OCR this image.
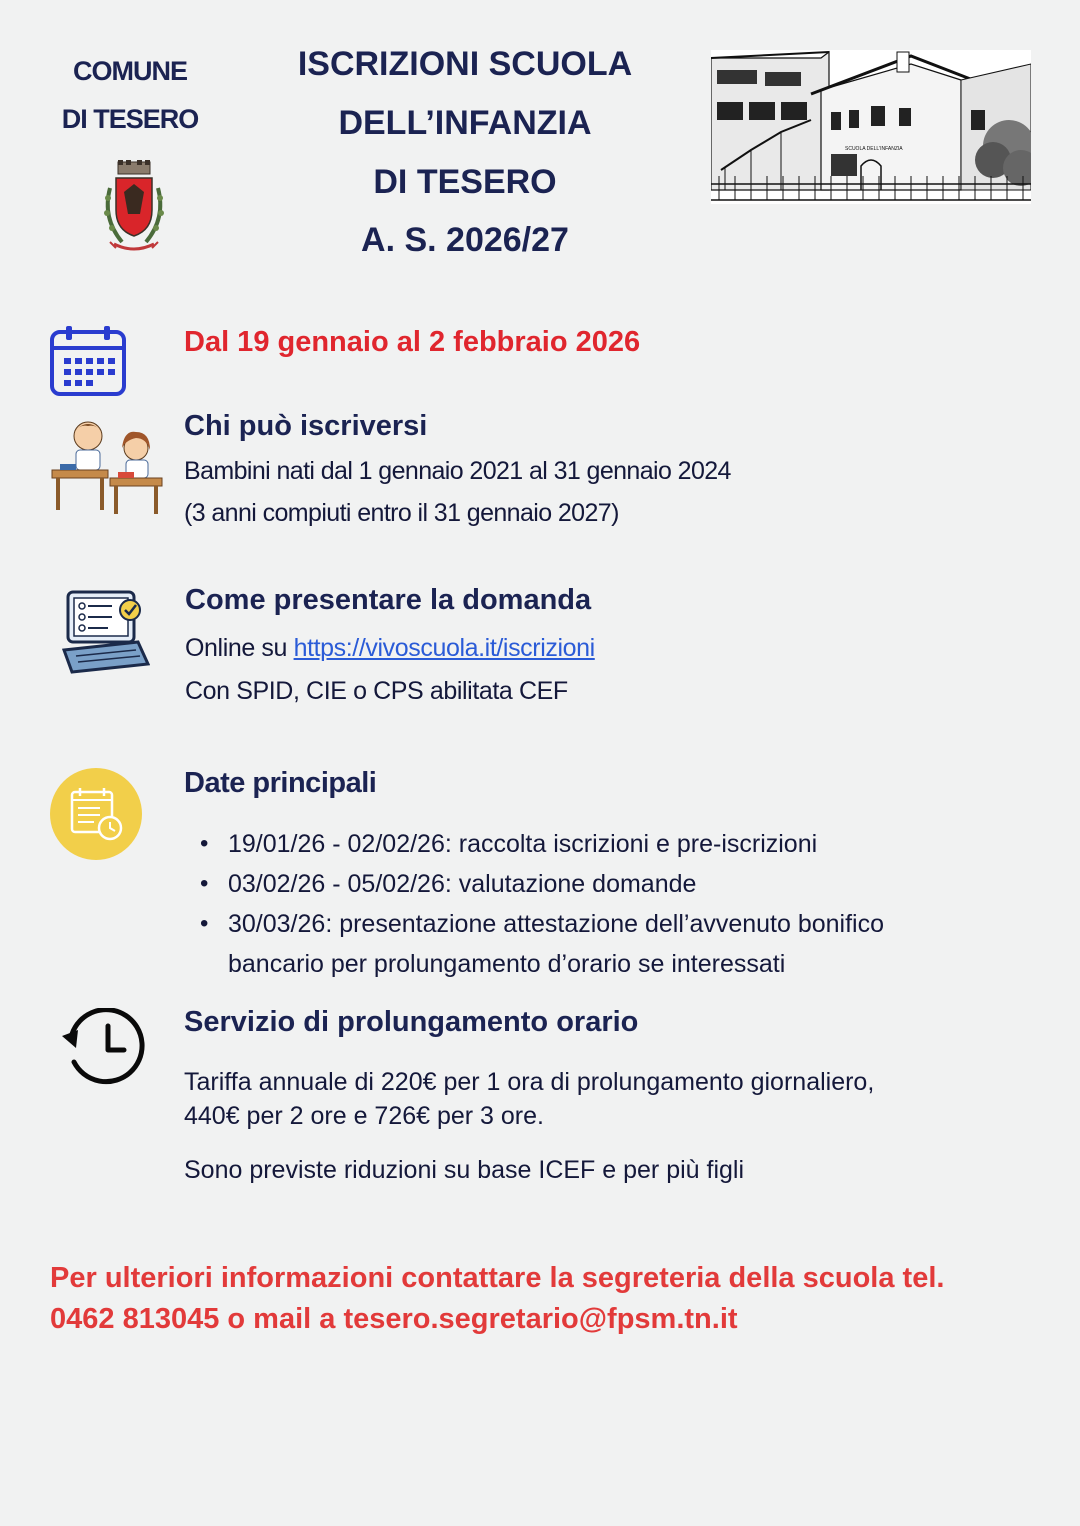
COMUNE
DI TESERO
ISCRIZIONI SCUOLA
DELL’INFANZIA
DI TESERO
A. S. 2026/27
SCUOLA DELL'INFANZIA
Dal 19 gennaio al 2 febbraio 2026
Chi può iscriversi
Bambini nati dal 1 gennaio 2021 al 31 gennaio 2024
(3 anni compiuti entro il 31 gennaio 2027)
Come presentare la domanda
Online su https://vivoscuola.it/iscrizioni
Con SPID, CIE o CPS abilitata CEF
Date principali
• 19/01/26 - 02/02/26: raccolta iscrizioni e pre-iscrizioni
• 03/02/26 - 05/02/26: valutazione domande
• 30/03/26: presentazione attestazione dell’avvenuto bonifico
bancario per prolungamento d’orario se interessati
Servizio di prolungamento orario
Tariffa annuale di 220€ per 1 ora di prolungamento giornaliero,
440€ per 2 ore e 726€ per 3 ore.
Sono previste riduzioni su base ICEF e per più figli
Per ulteriori informazioni contattare la segreteria della scuola tel.
0462 813045 o mail a tesero.segretario@fpsm.tn.it
